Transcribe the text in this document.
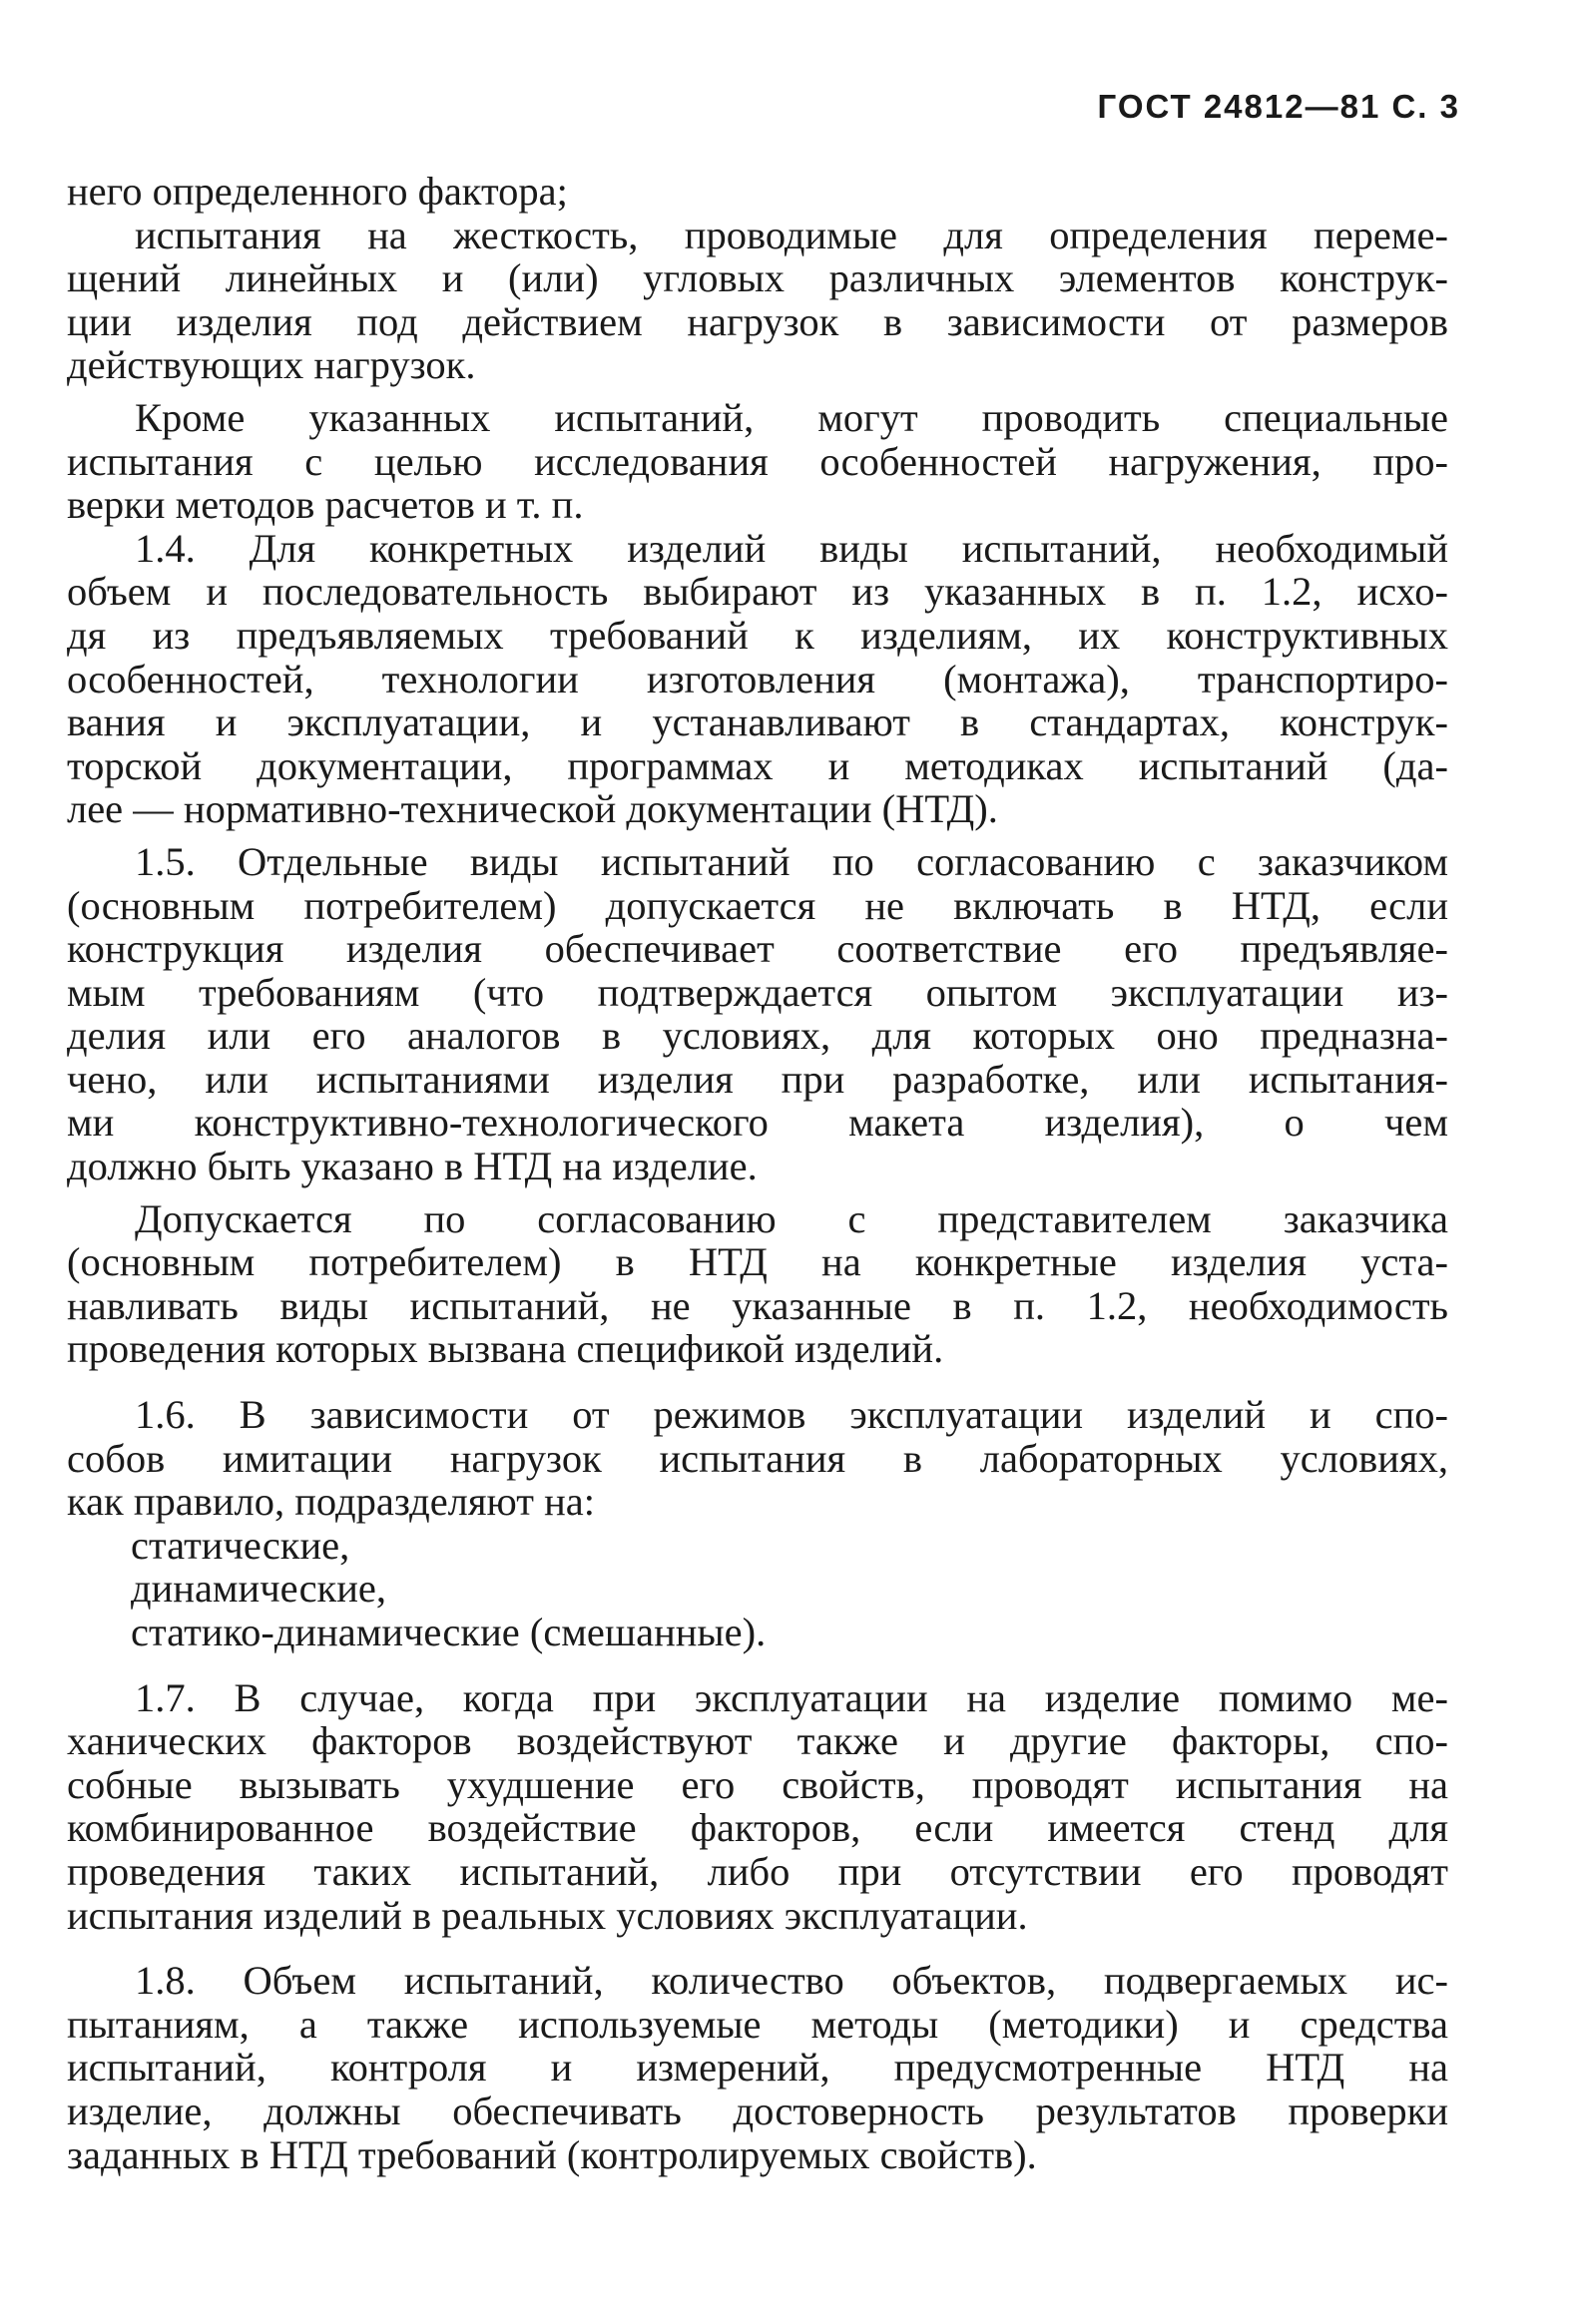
ГОСТ 24812—81 С. 3
него определенного фактора;
испытания на жесткость, проводимые для определения переме-
щений линейных и (или) угловых различных элементов конструк-
ции изделия под действием нагрузок в зависимости от размеров
действующих нагрузок.
Кроме указанных испытаний, могут проводить специальные
испытания с целью исследования особенностей нагружения, про-
верки методов расчетов и т. п.
1.4. Для конкретных изделий виды испытаний, необходимый
объем и последовательность выбирают из указанных в п. 1.2, исхо-
дя из предъявляемых требований к изделиям, их конструктивных
особенностей, технологии изготовления (монтажа), транспортиро-
вания и эксплуатации, и устанавливают в стандартах, конструк-
торской документации, программах и методиках испытаний (да-
лее — нормативно-технической документации (НТД).
1.5. Отдельные виды испытаний по согласованию с заказчиком
(основным потребителем) допускается не включать в НТД, если
конструкция изделия обеспечивает соответствие его предъявляе-
мым требованиям (что подтверждается опытом эксплуатации из-
делия или его аналогов в условиях, для которых оно предназна-
чено, или испытаниями изделия при разработке, или испытания-
ми конструктивно-технологического макета изделия), о чем
должно быть указано в НТД на изделие.
Допускается по согласованию с представителем заказчика
(основным потребителем) в НТД на конкретные изделия уста-
навливать виды испытаний, не указанные в п. 1.2, необходимость
проведения которых вызвана спецификой изделий.
1.6. В зависимости от режимов эксплуатации изделий и спо-
собов имитации нагрузок испытания в лабораторных условиях,
как правило, подразделяют на:
статические,
динамические,
статико-динамические (смешанные).
1.7. В случае, когда при эксплуатации на изделие помимо ме-
ханических факторов воздействуют также и другие факторы, спо-
собные вызывать ухудшение его свойств, проводят испытания на
комбинированное воздействие факторов, если имеется стенд для
проведения таких испытаний, либо при отсутствии его проводят
испытания изделий в реальных условиях эксплуатации.
1.8. Объем испытаний, количество объектов, подвергаемых ис-
пытаниям, а также используемые методы (методики) и средства
испытаний, контроля и измерений, предусмотренные НТД на
изделие, должны обеспечивать достоверность результатов проверки
заданных в НТД требований (контролируемых свойств).
